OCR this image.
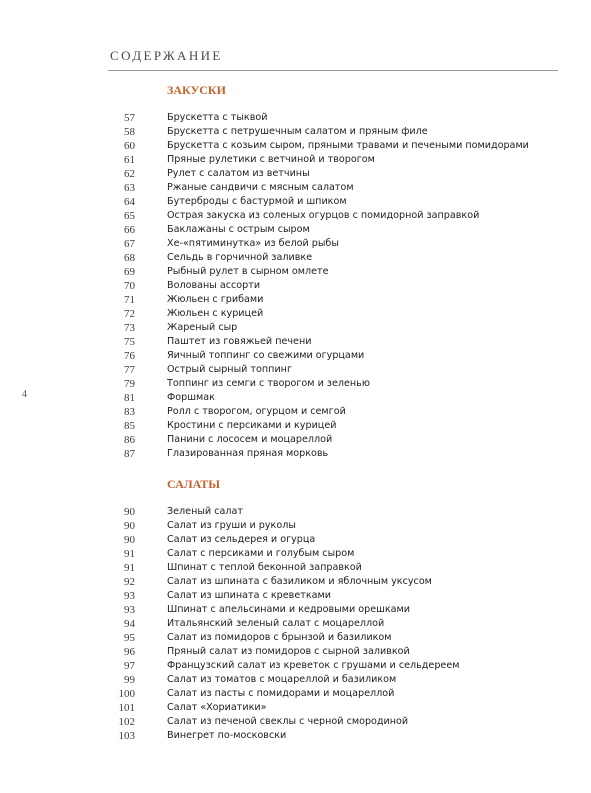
СОДЕРЖАНИЕ
4
ЗАКУСКИ
57	Брускетта с тыквой
58	Брускетта с петрушечным салатом и пряным филе
60	Брускетта с козьим сыром, пряными травами и печеными помидорами
61	Пряные рулетики с ветчиной и творогом
62	Рулет с салатом из ветчины
63	Ржаные сандвичи с мясным салатом
64	Бутерброды с бастурмой и шпиком
65	Острая закуска из соленых огурцов с помидорной заправкой
66	Баклажаны с острым сыром
67	Хе-«пятиминутка» из белой рыбы
68	Сельдь в горчичной заливке
69	Рыбный рулет в сырном омлете
70	Волованы ассорти
71	Жюльен с грибами
72	Жюльен с курицей
73	Жареный сыр
75	Паштет из говяжьей печени
76	Яичный топпинг со свежими огурцами
77	Острый сырный топпинг
79	Топпинг из семги с творогом и зеленью
81	Форшмак
83	Ролл с творогом, огурцом и семгой
85	Кростини с персиками и курицей
86	Панини с лососем и моцареллой
87	Глазированная пряная морковь
САЛАТЫ
90	Зеленый салат
90	Салат из груши и руколы
90	Салат из сельдерея и огурца
91	Салат с персиками и голубым сыром
91	Шпинат с теплой беконной заправкой
92	Салат из шпината с базиликом и яблочным уксусом
93	Салат из шпината с креветками
93	Шпинат с апельсинами и кедровыми орешками
94	Итальянский зеленый салат с моцареллой
95	Салат из помидоров с брынзой и базиликом
96	Пряный салат из помидоров с сырной заливкой
97	Французский салат из креветок с грушами и сельдереем
99	Салат из томатов с моцареллой и базиликом
100	Салат из пасты с помидорами и моцареллой
101	Салат «Хориатики»
102	Салат из печеной свеклы с черной смородиной
103	Винегрет по-московски
